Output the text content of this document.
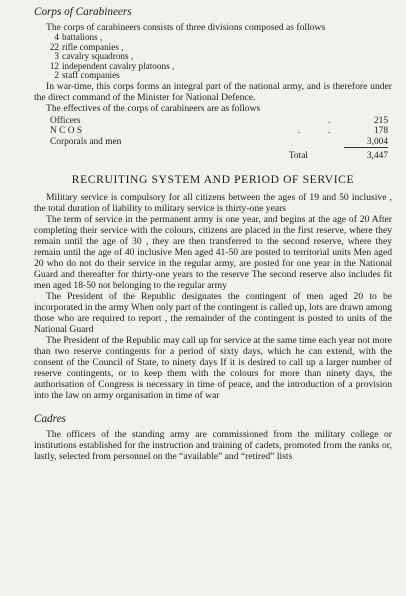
Corps of Carabineers

The corps of carabineers consists of three divisions composed as follows

4 battalions ,
22 rifle companies ,
3 cavalry squadrons ,
12 independent cavalry platoons ,
2 staff companies

In war-time, this corps forms an integral part of the national army, and is therefore under the direct command of the Minister for National Defence.

The effectives of the corps of carabineers are as follows

Officers		.	215
N C O S	.	.	178
Corporals and men			3,004
Total			3,447
RECRUITING SYSTEM AND PERIOD OF SERVICE

Military service is compulsory for all citizens between the ages of 19 and 50 inclusive , the total duration of liability to military service is thirty-one years

The term of service in the permanent army is one year, and begins at the age of 20 After completing their service with the colours, citizens are placed in the first reserve, where they remain until the age of 30 , they are then transferred to the second reserve, where they remain until the age of 40 inclusive Men aged 41-50 are posted to territorial units Men aged 20 who do not do their service in the regular army, are posted for one year in the National Guard and thereafter for thirty-one years to the reserve The second reserve also includes fit men aged 18-50 not belonging to the regular army

The President of the Republic designates the contingent of men aged 20 to be incorporated in the army When only part of the contingent is called up, lots are drawn among those who are required to report , the remainder of the contingent is posted to units of the National Guard

The President of the Republic may call up for service at the same time each year not more than two reserve contingents for a period of sixty days, which he can extend, with the consent of the Council of State, to ninety days If it is desired to call up a larger number of reserve contingents, or to keep them with the colours for more than ninety days, the authorisation of Congress is necessary in time of peace, and the introduction of a provision into the law on army organisation in time of war

Cadres

The officers of the standing army are commissioned from the military college or institutions established for the instruction and training of cadets, promoted from the ranks or, lastly, selected from personnel on the “available” and “retired” lists
